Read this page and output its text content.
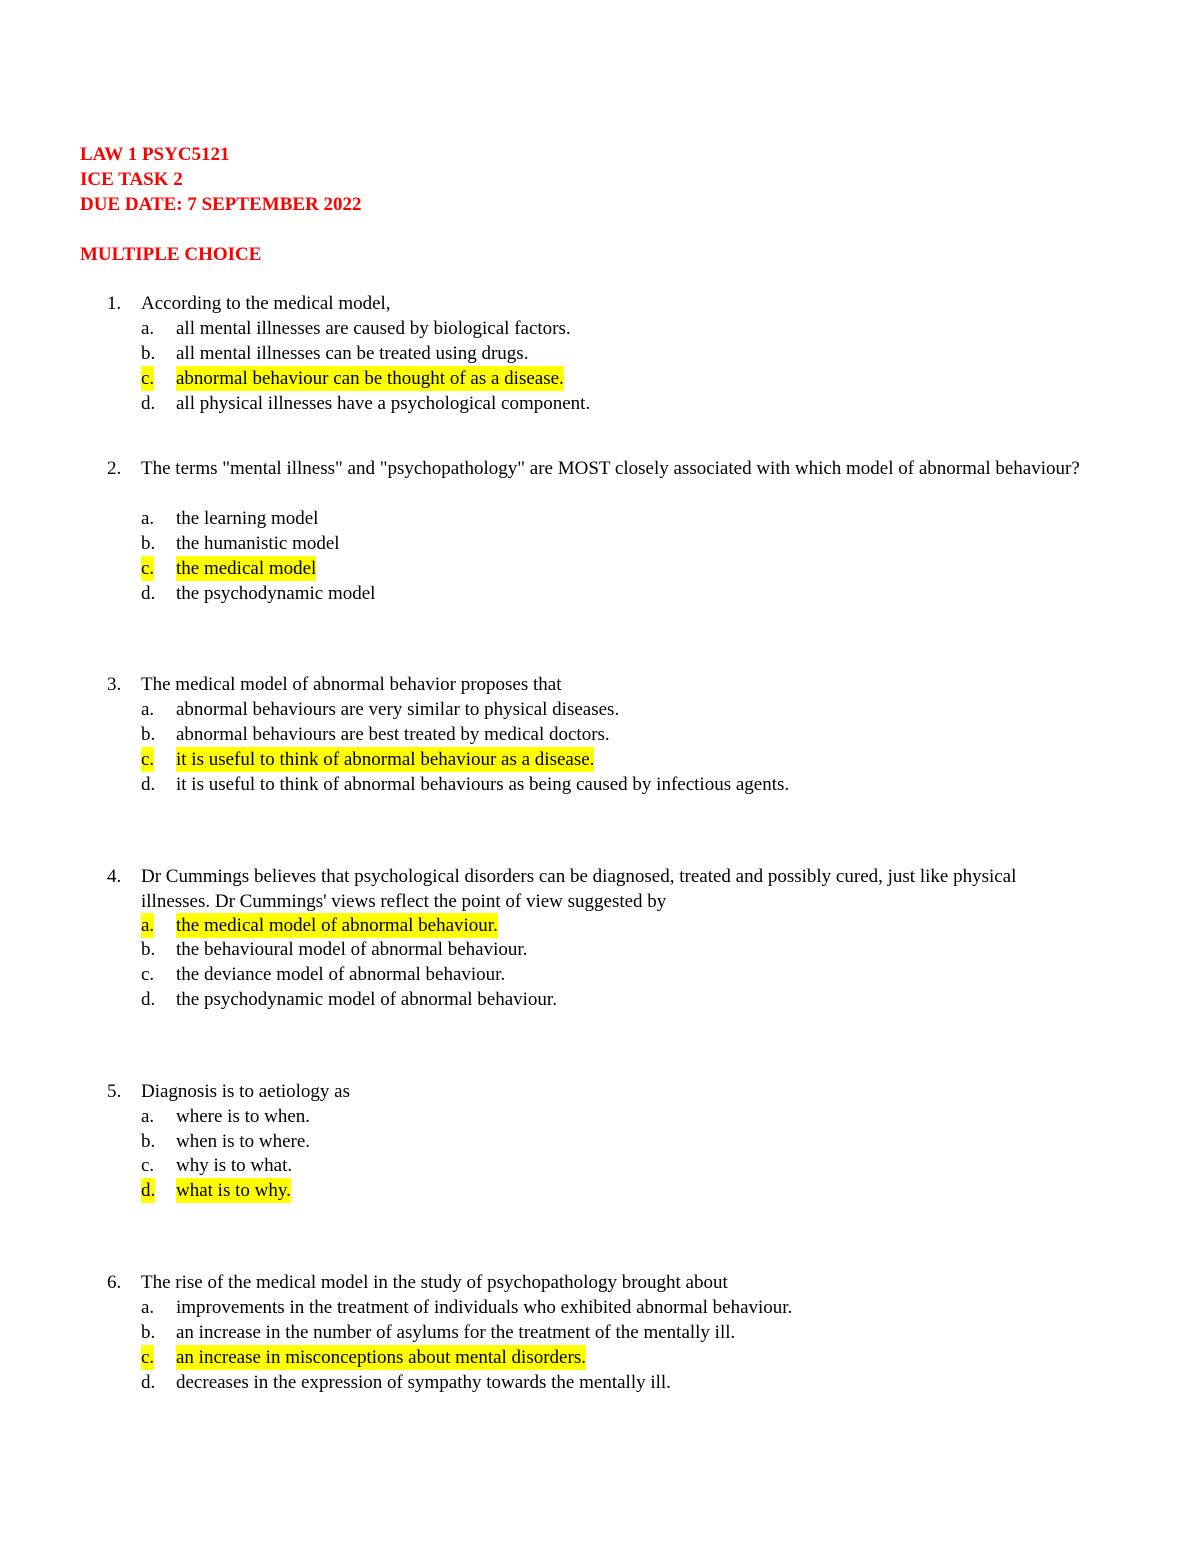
LAW 1 PSYC5121
ICE TASK 2
DUE DATE: 7 SEPTEMBER 2022
MULTIPLE CHOICE
1. According to the medical model,
a. all mental illnesses are caused by biological factors.
b. all mental illnesses can be treated using drugs.
c. abnormal behaviour can be thought of as a disease.
d. all physical illnesses have a psychological component.
2. The terms "mental illness" and "psychopathology" are MOST closely associated with which model of abnormal behaviour?
a. the learning model
b. the humanistic model
c. the medical model
d. the psychodynamic model
3. The medical model of abnormal behavior proposes that
a. abnormal behaviours are very similar to physical diseases.
b. abnormal behaviours are best treated by medical doctors.
c. it is useful to think of abnormal behaviour as a disease.
d. it is useful to think of abnormal behaviours as being caused by infectious agents.
4. Dr Cummings believes that psychological disorders can be diagnosed, treated and possibly cured, just like physical illnesses. Dr Cummings' views reflect the point of view suggested by
a. the medical model of abnormal behaviour.
b. the behavioural model of abnormal behaviour.
c. the deviance model of abnormal behaviour.
d. the psychodynamic model of abnormal behaviour.
5. Diagnosis is to aetiology as
a. where is to when.
b. when is to where.
c. why is to what.
d. what is to why.
6. The rise of the medical model in the study of psychopathology brought about
a. improvements in the treatment of individuals who exhibited abnormal behaviour.
b. an increase in the number of asylums for the treatment of the mentally ill.
c. an increase in misconceptions about mental disorders.
d. decreases in the expression of sympathy towards the mentally ill.
